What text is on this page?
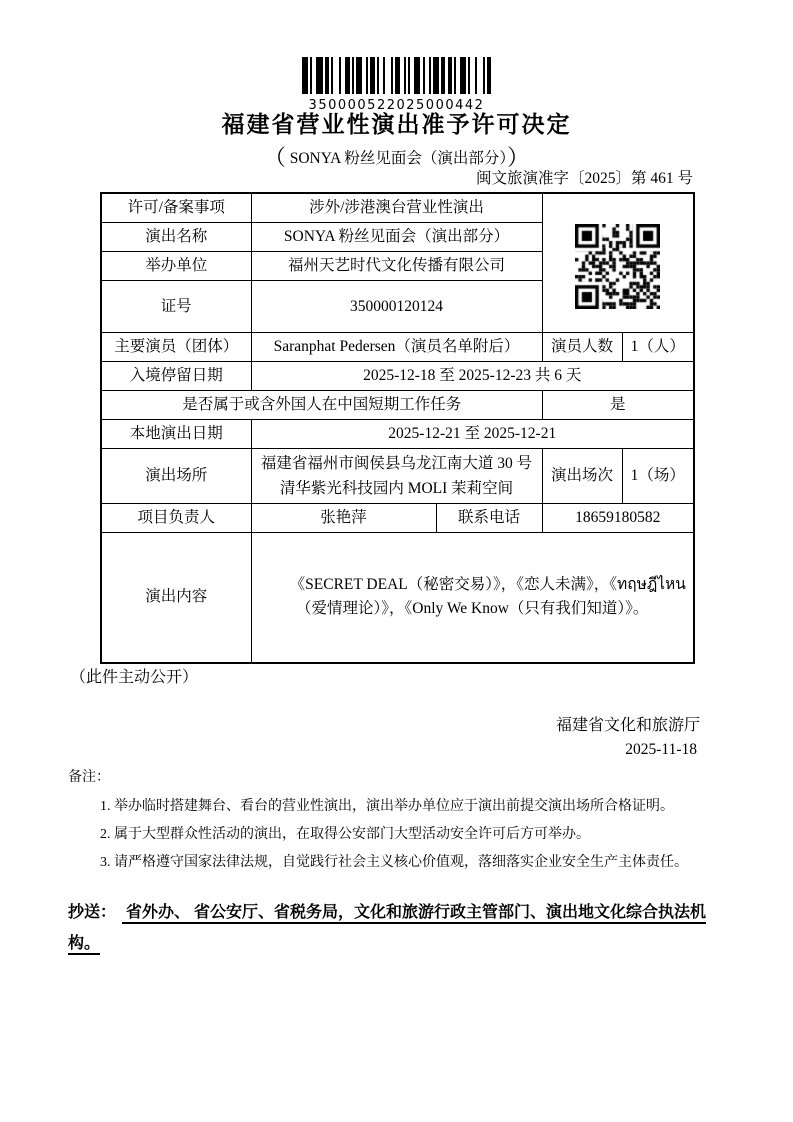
350000522025000442
福建省营业性演出准予许可决定
（ SONYA 粉丝见面会（演出部分））
闽文旅演准字〔2025〕第 461 号
许可/备案事项	涉外/涉港澳台营业性演出	
演出名称	SONYA 粉丝见面会（演出部分）			
举办单位	福州天艺时代文化传播有限公司			
证号	350000120124			
主要演员（团体）	Saranphat Pedersen（演员名单附后）		演员人数	1（人）
入境停留日期	2025-12-18 至 2025-12-23 共 6 天			
是否属于或含外国人在中国短期工作任务			是	
本地演出日期	2025-12-21 至 2025-12-21			
演出场所	福建省福州市闽侯县乌龙江南大道 30 号清华紫光科技园内 MOLI 茉莉空间		演出场次	1（场）
项目负责人	张艳萍	联系电话	18659180582	
演出内容	《SECRET DEAL（秘密交易）》，《恋人未满》，《ทฤษฎีไหน （爱情理论）》，《Only We Know（只有我们知道）》。			
（此件主动公开）
福建省文化和旅游厅
2025-11-18
备注：
1. 举办临时搭建舞台、看台的营业性演出，演出举办单位应于演出前提交演出场所合格证明。
2. 属于大型群众性活动的演出，在取得公安部门大型活动安全许可后方可举办。
3. 请严格遵守国家法律法规，自觉践行社会主义核心价值观，落细落实企业安全生产主体责任。
抄送： 省外办、 省公安厅、省税务局，文化和旅游行政主管部门、演出地文化综合执法机构。
